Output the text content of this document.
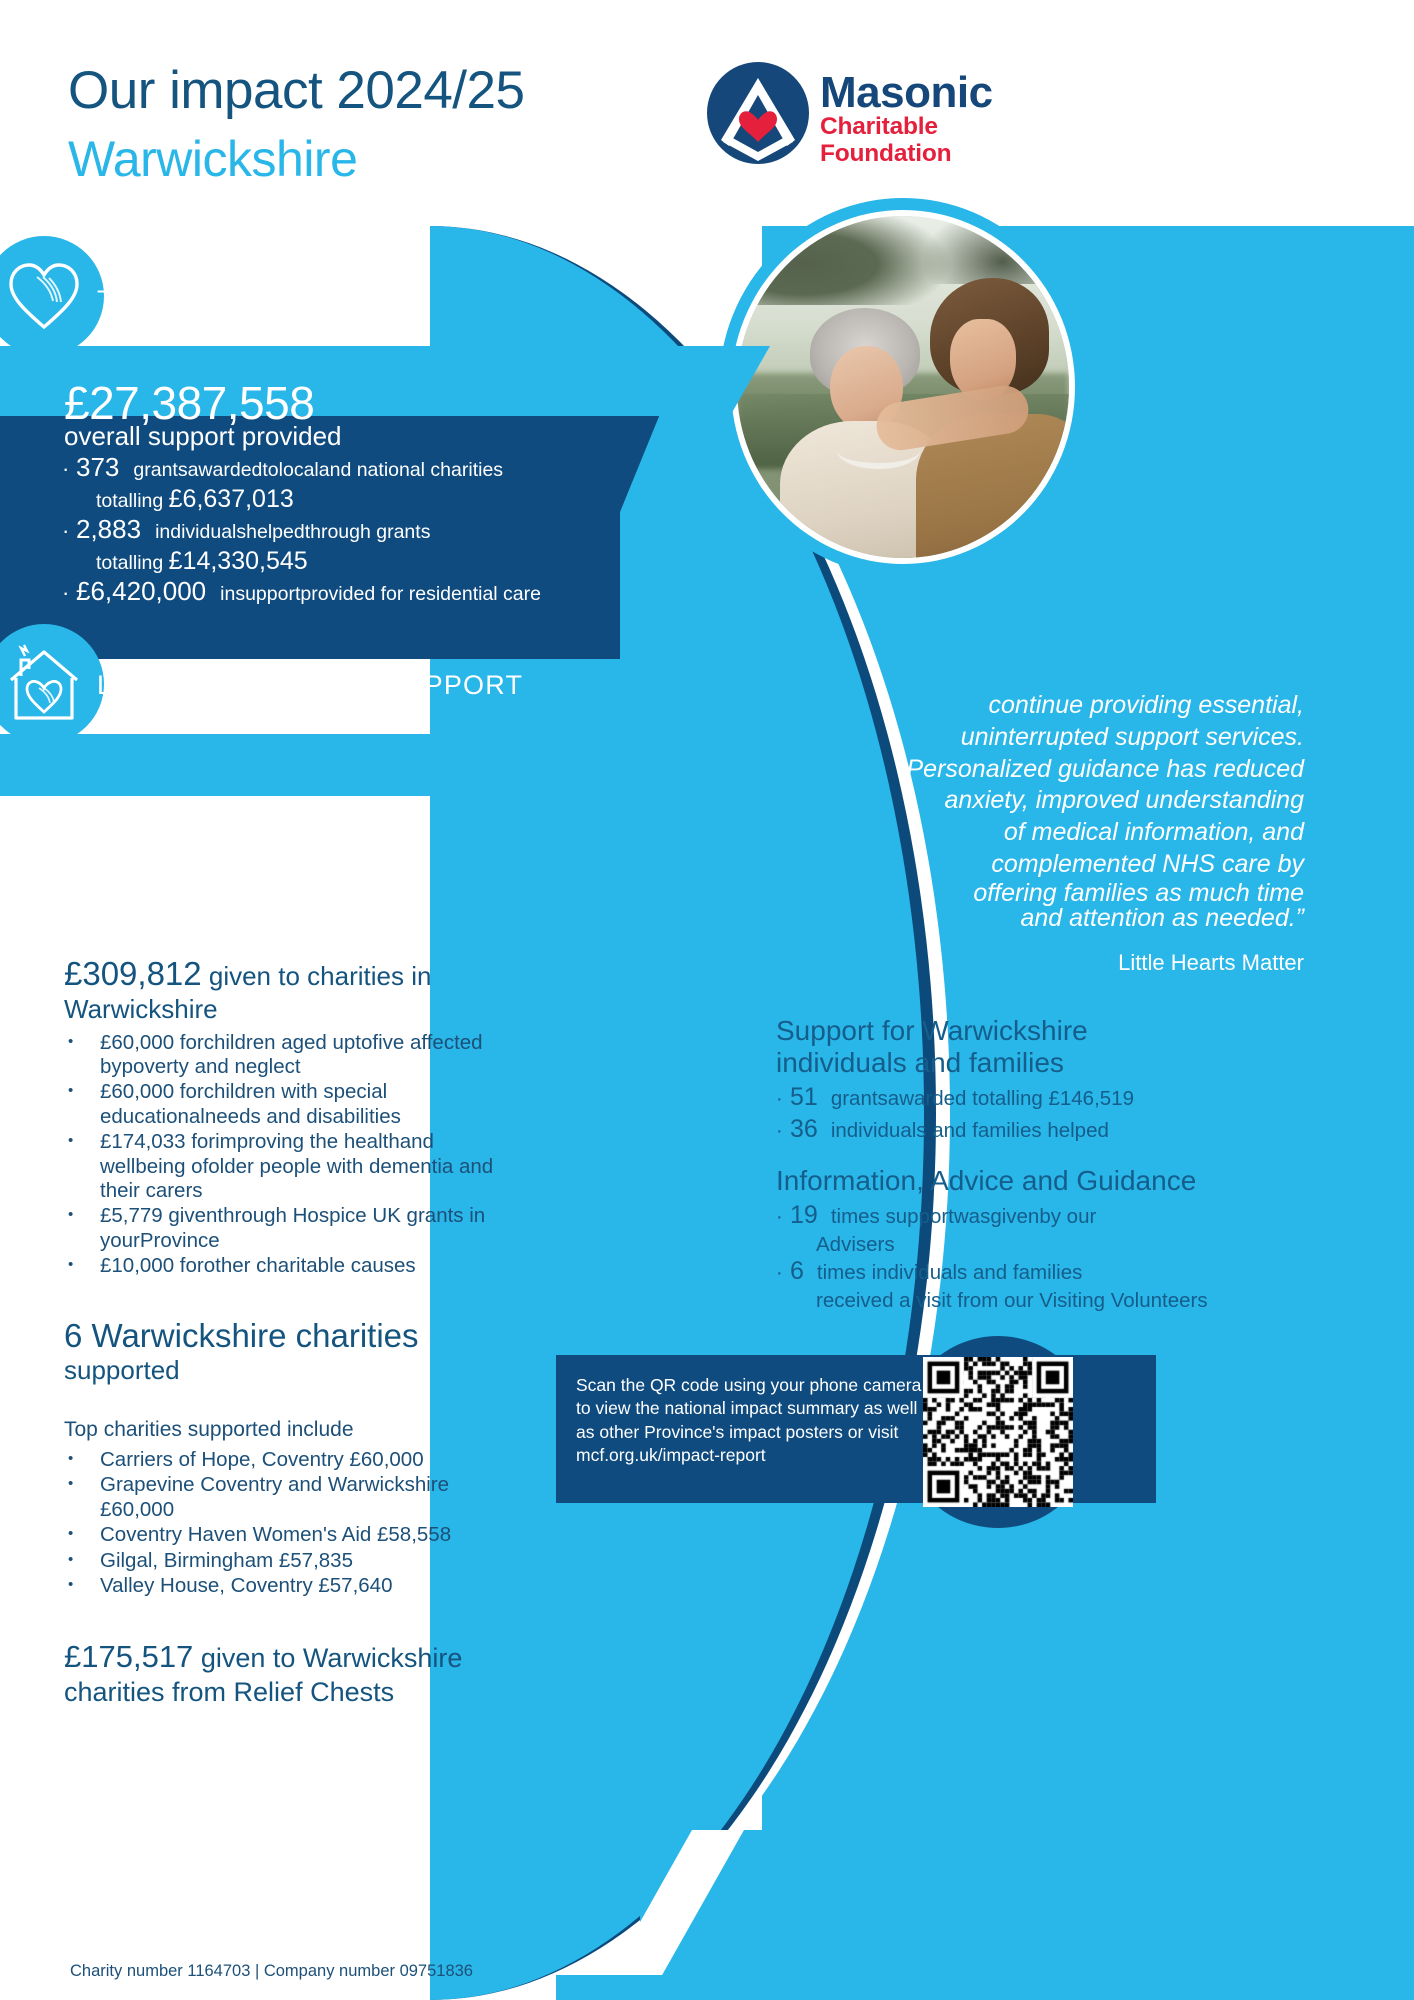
Our impact 2024/25
Warwickshire
Masonic
Charitable Foundation
TOTAL SUPPORT
£27,387,558
overall support provided
· 373 grantsawardedtolocaland national charities
totalling £6,637,013
· 2,883 individualshelpedthrough grants
totalling £14,330,545
· £6,420,000 insupportprovided for residential care
LOCAL COMMUNITY SUPPORT
£309,812 given to charities in
Warwickshire
• £60,000 forchildren aged uptofive affected bypoverty and neglect
• £60,000 forchildren with special educationalneeds and disabilities
• £174,033 forimproving the healthand wellbeing ofolder people with dementia and their carers
• £5,779 giventhrough Hospice UK grants in yourProvince
• £10,000 forother charitable causes
6 Warwickshire charities
supported
Top charities supported include
• Carriers of Hope, Coventry £60,000
• Grapevine Coventry and Warwickshire £60,000
• Coventry Haven Women's Aid £58,558
• Gilgal, Birmingham £57,835
• Valley House, Coventry £57,640
£175,517 given to Warwickshire
charities from Relief Chests
continue providing essential,
uninterrupted support services.
Personalized guidance has reduced
anxiety, improved understanding
of medical information, and
complemented NHS care by
offering families as much time
and attention as needed.”
Little Hearts Matter
Support for Warwickshire
individuals and families
· 51 grantsawarded totalling £146,519
· 36 individuals and families helped
Information, Advice and Guidance
· 19 times supportwasgivenby our
Advisers
· 6 times individuals and families
received a visit from our Visiting Volunteers
Scan the QR code using your phone camera to view the national impact summary as well as other Province's impact posters or visit mcf.org.uk/impact-report
Charity number 1164703 | Company number 09751836
